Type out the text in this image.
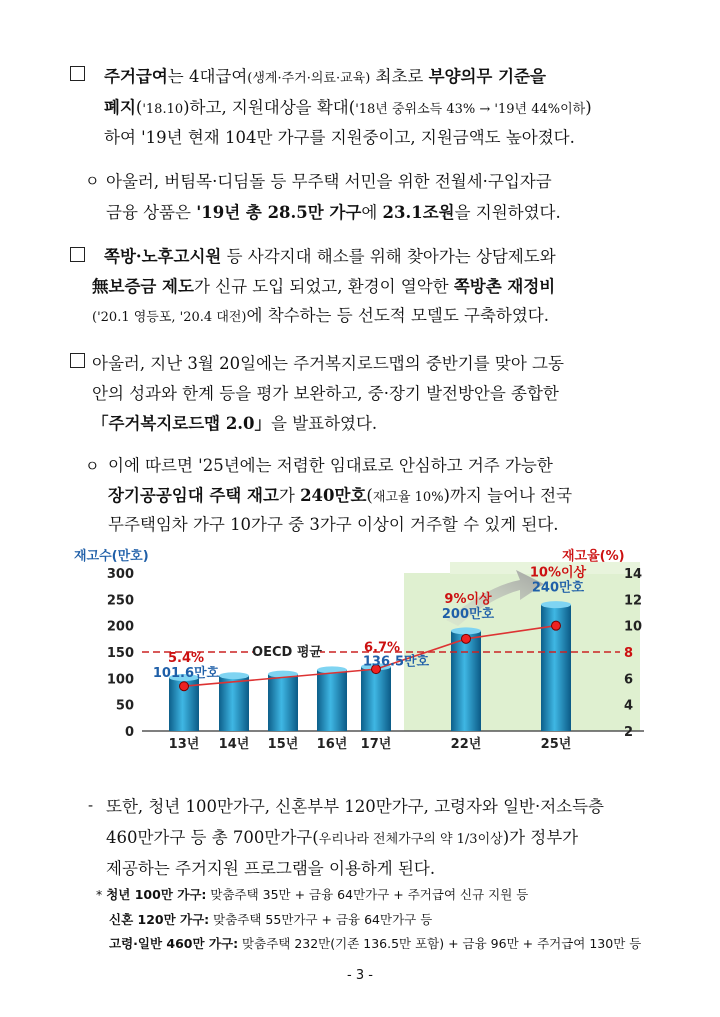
주거급여는 4대급여(생계·주거·의료·교육) 최초로 부양의무 기준을
폐지('18.10)하고, 지원대상을 확대('18년 중위소득 43% → '19년 44%이하)
하여 '19년 현재 104만 가구를 지원중이고, 지원금액도 높아졌다.
ㅇ 아울러, 버팀목·디딤돌 등 무주택 서민을 위한 전월세·구입자금
금융 상품은 '19년 총 28.5만 가구에 23.1조원을 지원하였다.
쪽방·노후고시원 등 사각지대 해소를 위해 찾아가는 상담제도와
無보증금 제도가 신규 도입 되었고, 환경이 열악한 쪽방촌 재정비
('20.1 영등포, '20.4 대전)에 착수하는 등 선도적 모델도 구축하였다.
아울러, 지난 3월 20일에는 주거복지로드맵의 중반기를 맞아 그동
안의 성과와 한계 등을 평가 보완하고, 중·장기 발전방안을 종합한
「주거복지로드맵 2.0」을 발표하였다.
ㅇ 이에 따르면 '25년에는 저렴한 임대료로 안심하고 거주 가능한
장기공공임대 주택 재고가 240만호(재고율 10%)까지 늘어나 전국
무주택임차 가구 10가구 중 3가구 이상이 거주할 수 있게 된다.
재고수(만호)	재고율(%)
0
50
100
150
200
250
300
2
4
6
8
10
12
14
13년 14년 15년 16년 17년	22년	25년
OECD 평균
5.4%
101.6만호
6.7%
136.5만호
9%이상
200만호
10%이상
240만호
- 또한, 청년 100만가구, 신혼부부 120만가구, 고령자와 일반·저소득층
460만가구 등 총 700만가구(우리나라 전체가구의 약 1/3이상)가 정부가
제공하는 주거지원 프로그램을 이용하게 된다.
* 청년 100만 가구: 맞춤주택 35만 + 금융 64만가구 + 주거급여 신규 지원 등
신혼 120만 가구: 맞춤주택 55만가구 + 금융 64만가구 등
고령·일반 460만 가구: 맞춤주택 232만(기존 136.5만 포함) + 금융 96만 + 주거급여 130만 등
- 3 -
